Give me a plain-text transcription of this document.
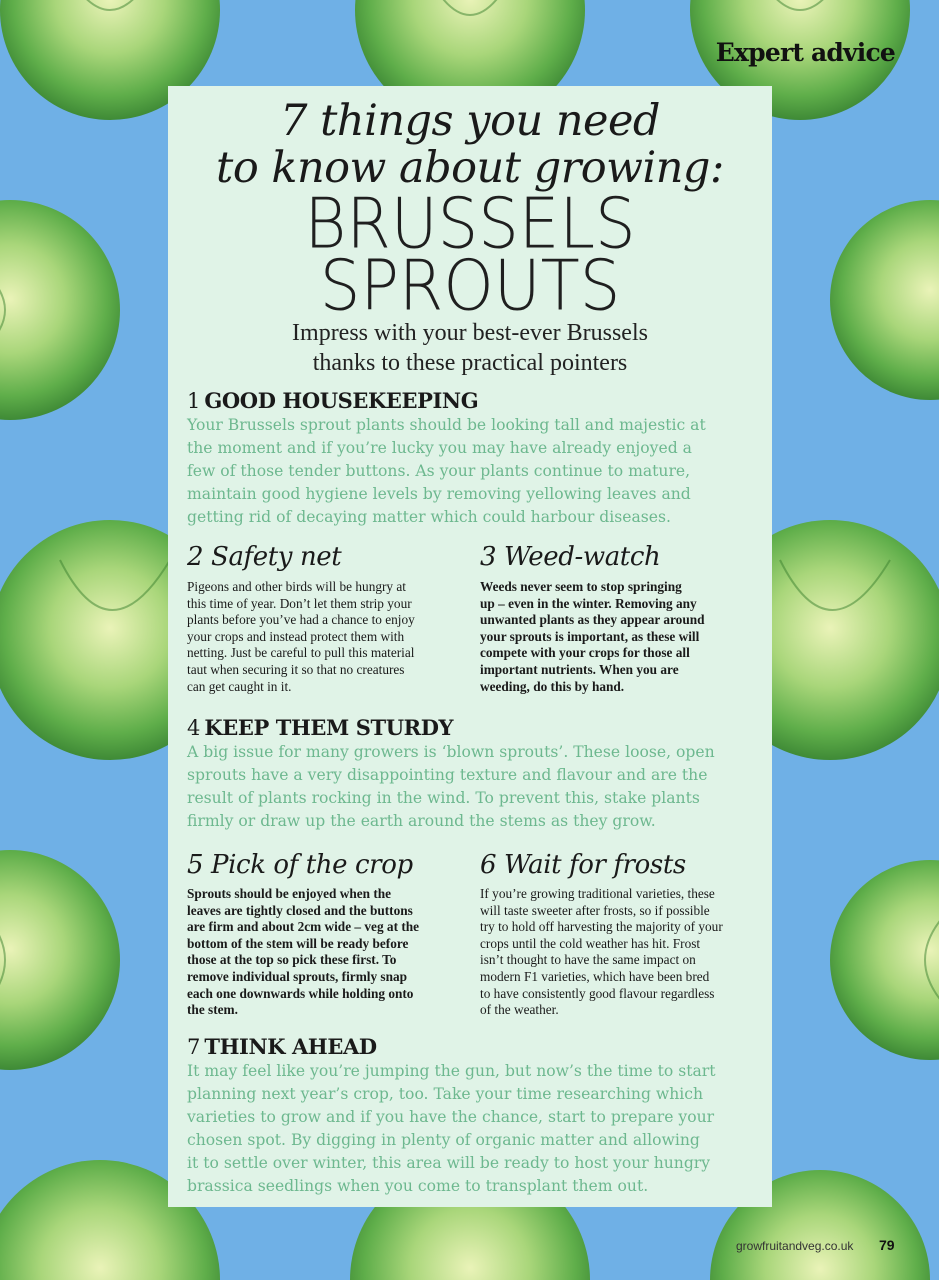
Expert advice
7 things you need
to know about growing:
BRUSSELS
SPROUTS
Impress with your best-ever Brussels
thanks to these practical pointers
1 GOOD HOUSEKEEPING
Your Brussels sprout plants should be looking tall and majestic at
the moment and if you’re lucky you may have already enjoyed a
few of those tender buttons. As your plants continue to mature,
maintain good hygiene levels by removing yellowing leaves and
getting rid of decaying matter which could harbour diseases.
2 Safety net
Pigeons and other birds will be hungry at
this time of year. Don’t let them strip your
plants before you’ve had a chance to enjoy
your crops and instead protect them with
netting. Just be careful to pull this material
taut when securing it so that no creatures
can get caught in it.
3 Weed-watch
Weeds never seem to stop springing
up – even in the winter. Removing any
unwanted plants as they appear around
your sprouts is important, as these will
compete with your crops for those all
important nutrients. When you are
weeding, do this by hand.
4 KEEP THEM STURDY
A big issue for many growers is ‘blown sprouts’. These loose, open
sprouts have a very disappointing texture and flavour and are the
result of plants rocking in the wind. To prevent this, stake plants
firmly or draw up the earth around the stems as they grow.
5 Pick of the crop
Sprouts should be enjoyed when the
leaves are tightly closed and the buttons
are firm and about 2cm wide – veg at the
bottom of the stem will be ready before
those at the top so pick these first. To
remove individual sprouts, firmly snap
each one downwards while holding onto
the stem.
6 Wait for frosts
If you’re growing traditional varieties, these
will taste sweeter after frosts, so if possible
try to hold off harvesting the majority of your
crops until the cold weather has hit. Frost
isn’t thought to have the same impact on
modern F1 varieties, which have been bred
to have consistently good flavour regardless
of the weather.
7 THINK AHEAD
It may feel like you’re jumping the gun, but now’s the time to start
planning next year’s crop, too. Take your time researching which
varieties to grow and if you have the chance, start to prepare your
chosen spot. By digging in plenty of organic matter and allowing
it to settle over winter, this area will be ready to host your hungry
brassica seedlings when you come to transplant them out.
growfruitandveg.co.uk 79
